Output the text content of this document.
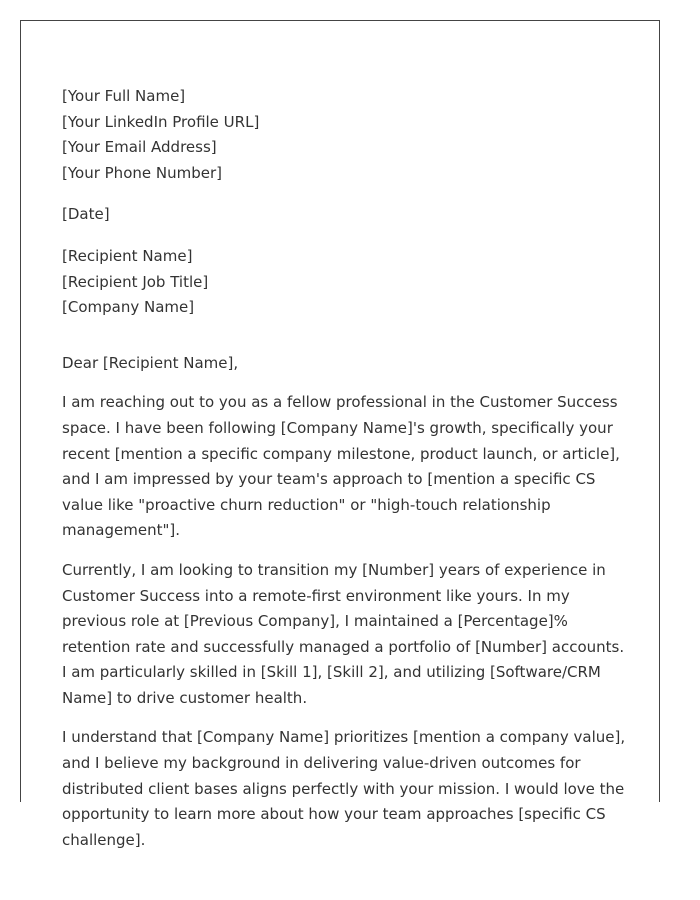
[Your Full Name]
[Your LinkedIn Profile URL]
[Your Email Address]
[Your Phone Number]
[Date]
[Recipient Name]
[Recipient Job Title]
[Company Name]

Dear [Recipient Name],

I am reaching out to you as a fellow professional in the Customer Success space. I have been following [Company Name]'s growth, specifically your recent [mention a specific company milestone, product launch, or article], and I am impressed by your team's approach to [mention a specific CS value like "proactive churn reduction" or "high-touch relationship management"].

Currently, I am looking to transition my [Number] years of experience in Customer Success into a remote-first environment like yours. In my previous role at [Previous Company], I maintained a [Percentage]% retention rate and successfully managed a portfolio of [Number] accounts. I am particularly skilled in [Skill 1], [Skill 2], and utilizing [Software/CRM Name] to drive customer health.

I understand that [Company Name] prioritizes [mention a company value], and I believe my background in delivering value-driven outcomes for distributed client bases aligns perfectly with your mission. I would love the opportunity to learn more about how your team approaches [specific CS challenge].
